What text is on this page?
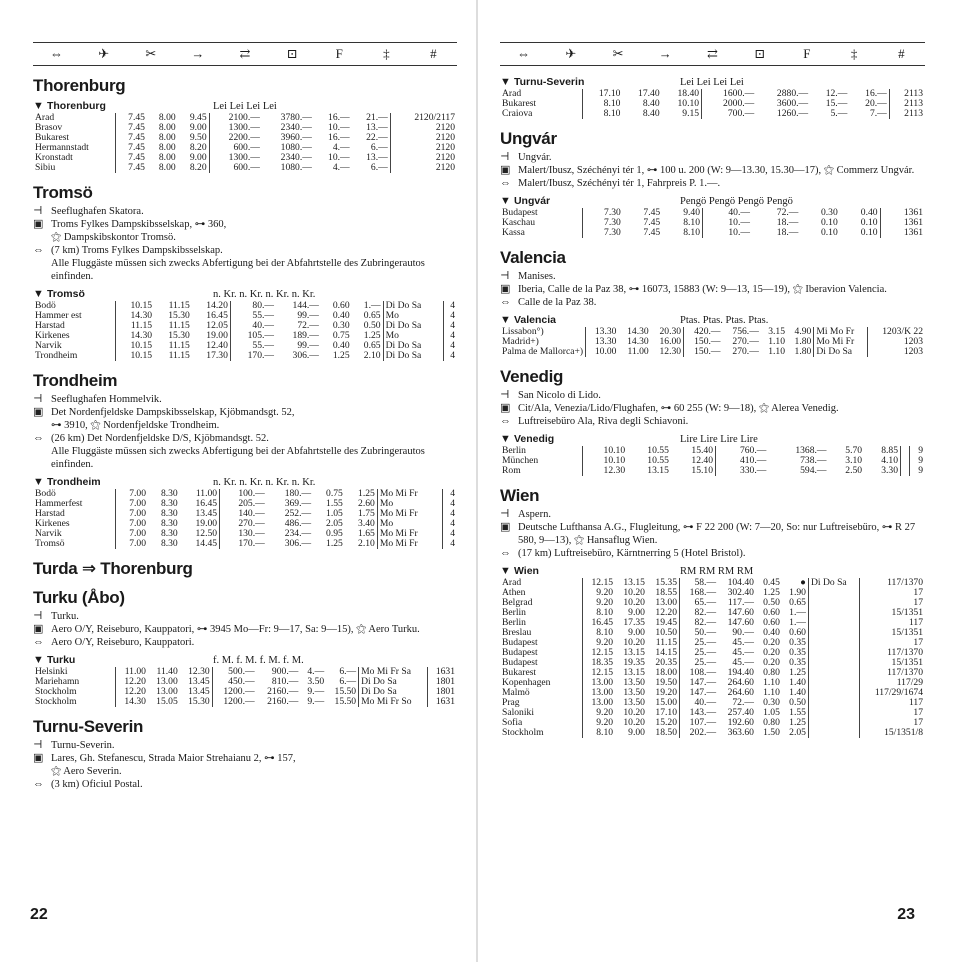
⇔	✈	✂	→	⇄	⊡	F	‡	#
Thorenburg
▼ Thorenburg	Lei Lei Lei Lei
Arad	7.45	8.00	9.45	2100.—	3780.—	16.—	21.—	2120/2117
Brasov	7.45	8.00	9.00	1300.—	2340.—	10.—	13.—	2120
Bukarest	7.45	8.00	9.50	2200.—	3960.—	16.—	22.—	2120
Hermannstadt	7.45	8.00	8.20	600.—	1080.—	4.—	6.—	2120
Kronstadt	7.45	8.00	9.00	1300.—	2340.—	10.—	13.—	2120
Sibiu	7.45	8.00	8.20	600.—	1080.—	4.—	6.—	2120
Tromsö
⊣ Seeflughafen Skatora.
▣ Troms Fylkes Dampskibsselskap, ⊶ 360,
⚝ Dampskibskontor Tromsö.
⇔ (7 km) Troms Fylkes Dampskibsselskap.
Alle Fluggäste müssen sich zwecks Abfertigung bei der Abfahrtstelle des Zubringerautos einfinden.
▼ Tromsö	n. Kr. n. Kr. n. Kr. n. Kr.
Bodö	10.15	11.15	14.20	80.—	144.—	0.60	1.—	Di Do Sa	4
Hammer est	14.30	15.30	16.45	55.—	99.—	0.40	0.65	Mo	4
Harstad	11.15	11.15	12.05	40.—	72.—	0.30	0.50	Di Do Sa	4
Kirkenes	14.30	15.30	19.00	105.—	189.—	0.75	1.25	Mo	4
Narvik	10.15	11.15	12.40	55.—	99.—	0.40	0.65	Di Do Sa	4
Trondheim	10.15	11.15	17.30	170.—	306.—	1.25	2.10	Di Do Sa	4
Trondheim
⊣ Seeflughafen Hommelvik.
▣ Det Nordenfjeldske Dampskibsselskap, Kjöbmandsgt. 52,
⊶ 3910, ⚝ Nordenfjeldske Trondheim.
⇔ (26 km) Det Nordenfjeldske D/S, Kjöbmandsgt. 52.
Alle Fluggäste müssen sich zwecks Abfertigung bei der Abfahrtstelle des Zubringerautos einfinden.
▼ Trondheim	n. Kr. n. Kr. n. Kr. n. Kr.
Bodö	7.00	8.30	11.00	100.—	180.—	0.75	1.25	Mo Mi Fr	4
Hammerfest	7.00	8.30	16.45	205.—	369.—	1.55	2.60	Mo	4
Harstad	7.00	8.30	13.45	140.—	252.—	1.05	1.75	Mo Mi Fr	4
Kirkenes	7.00	8.30	19.00	270.—	486.—	2.05	3.40	Mo	4
Narvik	7.00	8.30	12.50	130.—	234.—	0.95	1.65	Mo Mi Fr	4
Tromsö	7.00	8.30	14.45	170.—	306.—	1.25	2.10	Mo Mi Fr	4
Turda ⇒ Thorenburg
Turku (Åbo)
⊣ Turku.
▣ Aero O/Y, Reiseburo, Kauppatori, ⊶ 3945 Mo—Fr: 9—17, Sa: 9—15), ⚝ Aero Turku.
⇔ Aero O/Y, Reiseburo, Kauppatori.
▼ Turku	f. M. f. M. f. M. f. M.
Helsinki	11.00	11.40	12.30	500.—	900.—	4.—	6.—	Mo Mi Fr Sa	1631
Mariehamn	12.20	13.00	13.45	450.—	810.—	3.50	6.—	Di Do Sa	1801
Stockholm	12.20	13.00	13.45	1200.—	2160.—	9.—	15.50	Di Do Sa	1801
Stockholm	14.30	15.05	15.30	1200.—	2160.—	9.—	15.50	Mo Mi Fr So	1631
Turnu-Severin
⊣ Turnu-Severin.
▣ Lares, Gh. Stefanescu, Strada Maior Strehaianu 2, ⊶ 157,
⚝ Aero Severin.
⇔ (3 km) Oficiul Postal.
22
⇔	✈	✂	→	⇄	⊡	F	‡	#
▼ Turnu-Severin	Lei Lei Lei Lei
Arad	17.10	17.40	18.40	1600.—	2880.—	12.—	16.—	2113
Bukarest	8.10	8.40	10.10	2000.—	3600.—	15.—	20.—	2113
Craiova	8.10	8.40	9.15	700.—	1260.—	5.—	7.—	2113
Ungvár
⊣ Ungvár.
▣ Malert/Ibusz, Széchényi tér 1, ⊶ 100 u. 200 (W: 9—13.30, 15.30—17), ⚝ Commerz Ungvár.
⇔ Malert/Ibusz, Széchényi tér 1, Fahrpreis P. 1.—.
▼ Ungvár	Pengö Pengö Pengö Pengö
Budapest	7.30	7.45	9.40	40.—	72.—	0.30	0.40	1361
Kaschau	7.30	7.45	8.10	10.—	18.—	0.10	0.10	1361
Kassa	7.30	7.45	8.10	10.—	18.—	0.10	0.10	1361
Valencia
⊣ Manises.
▣ Iberia, Calle de la Paz 38, ⊶ 16073, 15883 (W: 9—13, 15—19), ⚝ Iberavion Valencia.
⇔ Calle de la Paz 38.
▼ Valencia	Ptas. Ptas. Ptas. Ptas.
Lissabon°)	13.30	14.30	20.30	420.—	756.—	3.15	4.90	Mi Mo Fr	1203/K 22
Madrid+)	13.30	14.30	16.00	150.—	270.—	1.10	1.80	Mo Mi Fr	1203
Palma de Mallorca+)	10.00	11.00	12.30	150.—	270.—	1.10	1.80	Di Do Sa	1203
Venedig
⊣ San Nicolo di Lido.
▣ Cit/Ala, Venezia/Lido/Flughafen, ⊶ 60 255 (W: 9—18), ⚝ Alerea Venedig.
⇔ Luftreisebüro Ala, Riva degli Schiavoni.
▼ Venedig	Lire Lire Lire Lire
Berlin	10.10	10.55	15.40	760.—	1368.—	5.70	8.85		9
München	10.10	10.55	12.40	410.—	738.—	3.10	4.10		9
Rom	12.30	13.15	15.10	330.—	594.—	2.50	3.30		9
Wien
⊣ Aspern.
▣ Deutsche Lufthansa A.G., Flugleitung, ⊶ F 22 200 (W: 7—20, So: nur Luftreisebüro, ⊶ R 27 580, 9—13), ⚝ Hansaflug Wien.
⇔ (17 km) Luftreisebüro, Kärntnerring 5 (Hotel Bristol).
▼ Wien	RM RM RM RM
Arad	12.15	13.15	15.35	58.—	104.40	0.45	●	Di Do Sa	117/1370
Athen	9.20	10.20	18.55	168.—	302.40	1.25	1.90		17
Belgrad	9.20	10.20	13.00	65.—	117.—	0.50	0.65		17
Berlin	8.10	9.00	12.20	82.—	147.60	0.60	1.—		15/1351
Berlin	16.45	17.35	19.45	82.—	147.60	0.60	1.—		117
Breslau	8.10	9.00	10.50	50.—	90.—	0.40	0.60		15/1351
Budapest	9.20	10.20	11.15	25.—	45.—	0.20	0.35		17
Budapest	12.15	13.15	14.15	25.—	45.—	0.20	0.35		117/1370
Budapest	18.35	19.35	20.35	25.—	45.—	0.20	0.35		15/1351
Bukarest	12.15	13.15	18.00	108.—	194.40	0.80	1.25		117/1370
Kopenhagen	13.00	13.50	19.50	147.—	264.60	1.10	1.40		117/29
Malmö	13.00	13.50	19.20	147.—	264.60	1.10	1.40		117/29/1674
Prag	13.00	13.50	15.00	40.—	72.—	0.30	0.50		117
Saloniki	9.20	10.20	17.10	143.—	257.40	1.05	1.55		17
Sofia	9.20	10.20	15.20	107.—	192.60	0.80	1.25		17
Stockholm	8.10	9.00	18.50	202.—	363.60	1.50	2.05		15/1351/8
23
